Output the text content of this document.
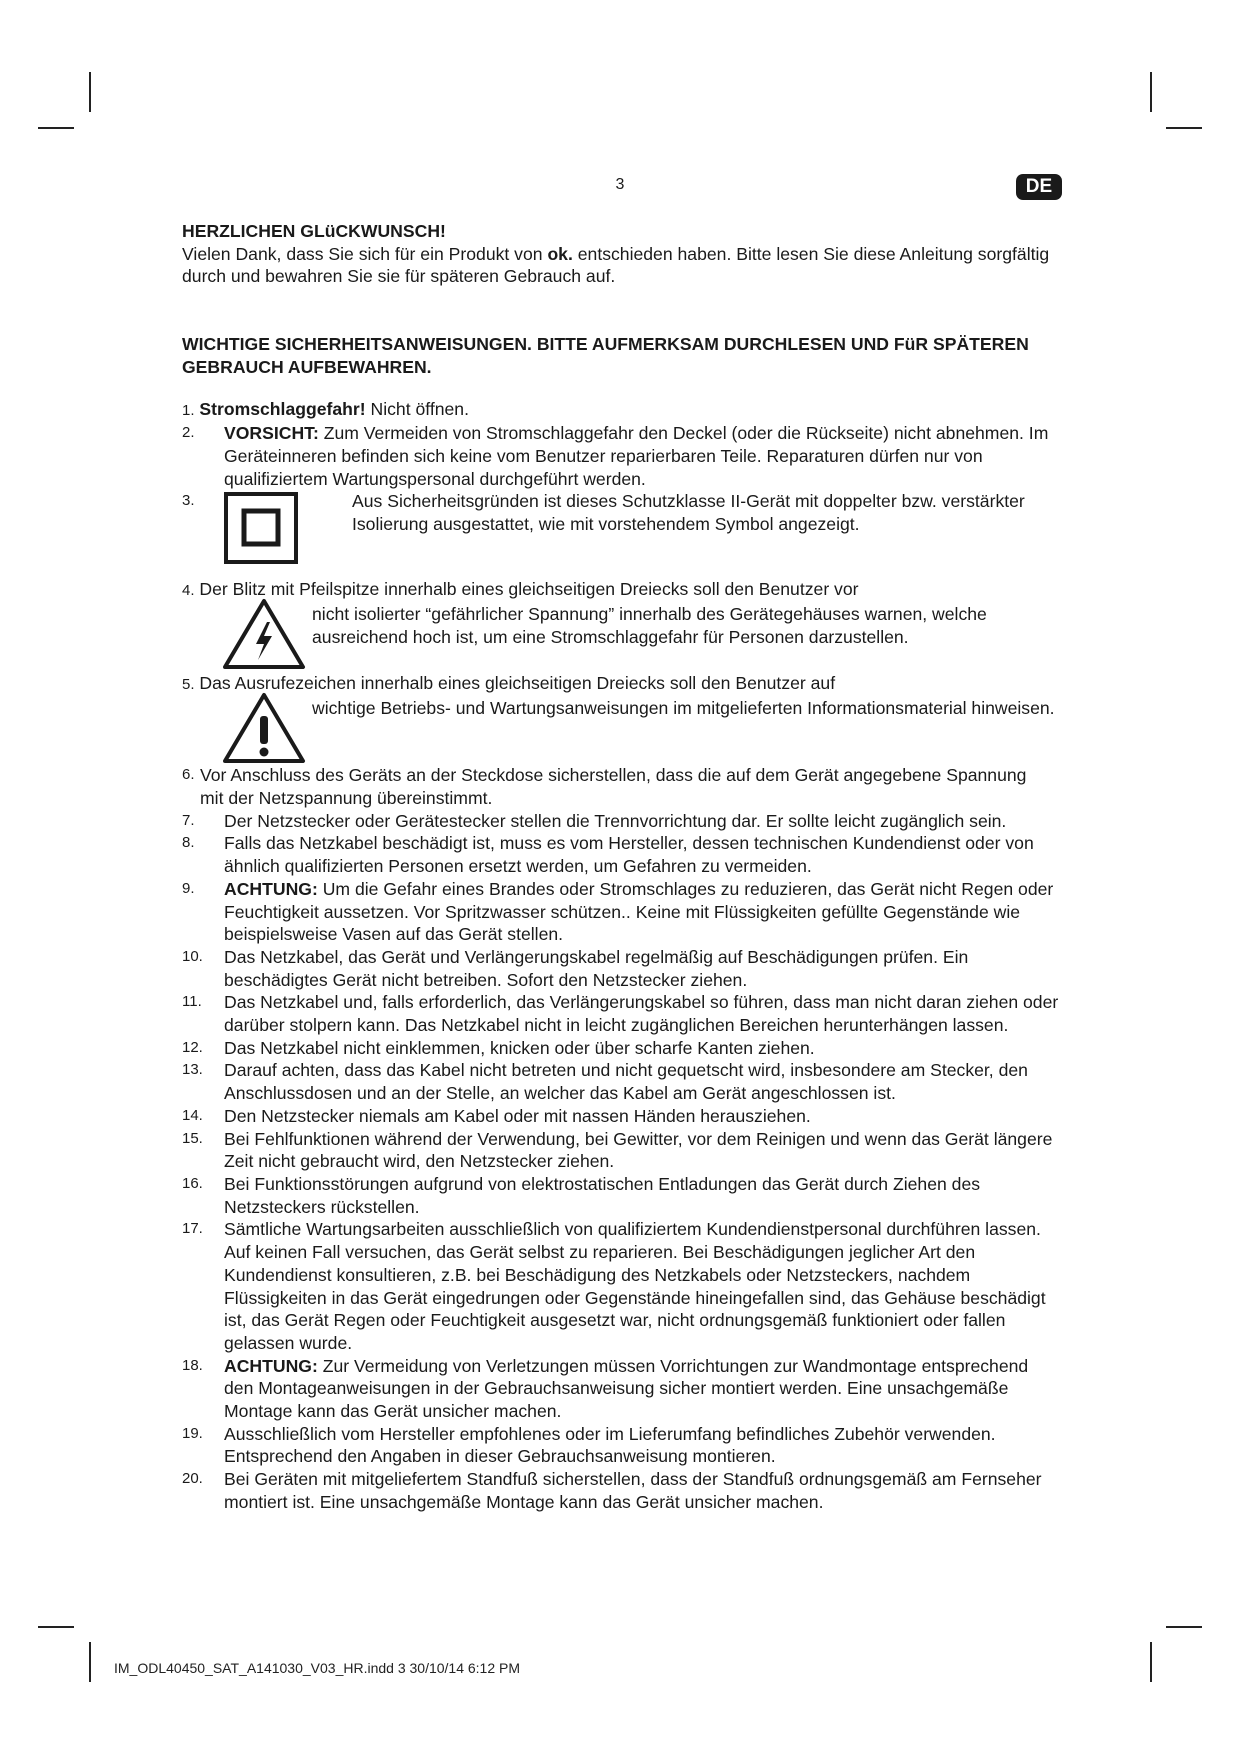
3	DE

HERZLICHEN GLüCKWUNSCH!

Vielen Dank, dass Sie sich für ein Produkt von ok. entschieden haben. Bitte lesen Sie diese Anleitung sorgfältig durch und bewahren Sie sie für späteren Gebrauch auf.

WICHTIGE SICHERHEITSANWEISUNGEN. BITTE AUFMERKSAM DURCHLESEN UND FüR SPÄTEREN GEBRAUCH AUFBEWAHREN.

1. Stromschlaggefahr! Nicht öffnen.
2. VORSICHT: Zum Vermeiden von Stromschlaggefahr den Deckel (oder die Rückseite) nicht abnehmen. Im Geräteinneren befinden sich keine vom Benutzer reparierbaren Teile. Reparaturen dürfen nur von qualifiziertem Wartungspersonal durchgeführt werden.
3.	Aus Sicherheitsgründen ist dieses Schutzklasse II-Gerät mit doppelter bzw. verstärkter Isolierung ausgestattet, wie mit vorstehendem Symbol angezeigt.
4. Der Blitz mit Pfeilspitze innerhalb eines gleichseitigen Dreiecks soll den Benutzer vor
nicht isolierter “gefährlicher Spannung” innerhalb des Gerätegehäuses warnen, welche ausreichend hoch ist, um eine Stromschlaggefahr für Personen darzustellen.
5. Das Ausrufezeichen innerhalb eines gleichseitigen Dreiecks soll den Benutzer auf
wichtige Betriebs- und Wartungsanweisungen im mitgelieferten Informationsmaterial hinweisen.
6. Vor Anschluss des Geräts an der Steckdose sicherstellen, dass die auf dem Gerät angegebene Spannung mit der Netzspannung übereinstimmt.
7. Der Netzstecker oder Gerätestecker stellen die Trennvorrichtung dar. Er sollte leicht zugänglich sein.
8. Falls das Netzkabel beschädigt ist, muss es vom Hersteller, dessen technischen Kundendienst oder von ähnlich qualifizierten Personen ersetzt werden, um Gefahren zu vermeiden.
9. ACHTUNG: Um die Gefahr eines Brandes oder Stromschlages zu reduzieren, das Gerät nicht Regen oder Feuchtigkeit aussetzen. Vor Spritzwasser schützen.. Keine mit Flüssigkeiten gefüllte Gegenstände wie beispielsweise Vasen auf das Gerät stellen.
10. Das Netzkabel, das Gerät und Verlängerungskabel regelmäßig auf Beschädigungen prüfen. Ein beschädigtes Gerät nicht betreiben. Sofort den Netzstecker ziehen.
11. Das Netzkabel und, falls erforderlich, das Verlängerungskabel so führen, dass man nicht daran ziehen oder darüber stolpern kann. Das Netzkabel nicht in leicht zugänglichen Bereichen herunterhängen lassen.
12. Das Netzkabel nicht einklemmen, knicken oder über scharfe Kanten ziehen.
13. Darauf achten, dass das Kabel nicht betreten und nicht gequetscht wird, insbesondere am Stecker, den Anschlussdosen und an der Stelle, an welcher das Kabel am Gerät angeschlossen ist.
14. Den Netzstecker niemals am Kabel oder mit nassen Händen herausziehen.
15. Bei Fehlfunktionen während der Verwendung, bei Gewitter, vor dem Reinigen und wenn das Gerät längere Zeit nicht gebraucht wird, den Netzstecker ziehen.
16. Bei Funktionsstörungen aufgrund von elektrostatischen Entladungen das Gerät durch Ziehen des Netzsteckers rückstellen.
17. Sämtliche Wartungsarbeiten ausschließlich von qualifiziertem Kundendienstpersonal durchführen lassen. Auf keinen Fall versuchen, das Gerät selbst zu reparieren. Bei Beschädigungen jeglicher Art den Kundendienst konsultieren, z.B. bei Beschädigung des Netzkabels oder Netzsteckers, nachdem Flüssigkeiten in das Gerät eingedrungen oder Gegenstände hineingefallen sind, das Gehäuse beschädigt ist, das Gerät Regen oder Feuchtigkeit ausgesetzt war, nicht ordnungsgemäß funktioniert oder fallen gelassen wurde.
18. ACHTUNG: Zur Vermeidung von Verletzungen müssen Vorrichtungen zur Wandmontage entsprechend den Montageanweisungen in der Gebrauchsanweisung sicher montiert werden. Eine unsachgemäße Montage kann das Gerät unsicher machen.
19. Ausschließlich vom Hersteller empfohlenes oder im Lieferumfang befindliches Zubehör verwenden. Entsprechend den Angaben in dieser Gebrauchsanweisung montieren.
20. Bei Geräten mit mitgeliefertem Standfuß sicherstellen, dass der Standfuß ordnungsgemäß am Fernseher montiert ist. Eine unsachgemäße Montage kann das Gerät unsicher machen.
IM_ODL40450_SAT_A141030_V03_HR.indd 3 30/10/14 6:12 PM
